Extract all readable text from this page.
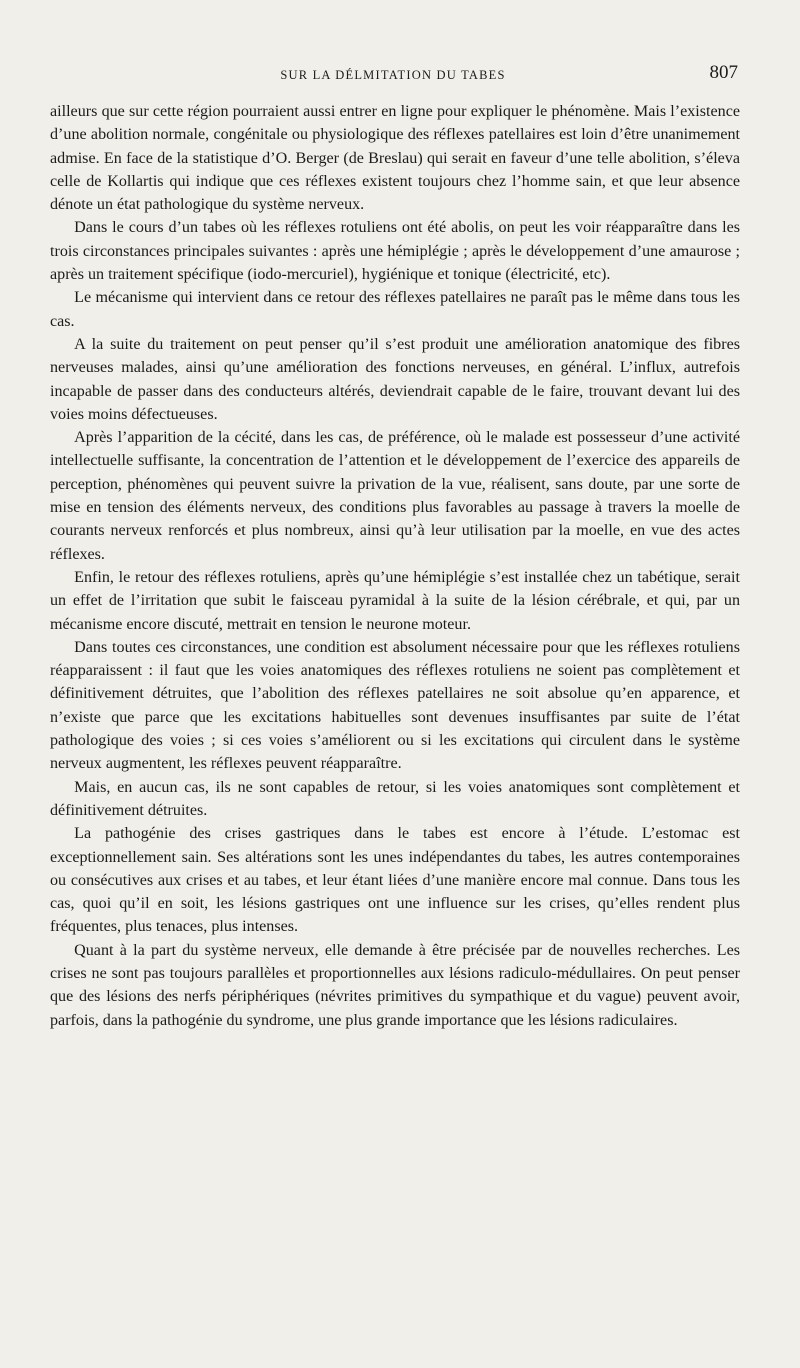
SUR LA DÉLMITATION DU TABES	807

ailleurs que sur cette région pourraient aussi entrer en ligne pour expliquer le phénomène. Mais l’existence d’une abolition normale, congénitale ou physiologique des réflexes patellaires est loin d’être unanimement admise. En face de la statistique d’O. Berger (de Breslau) qui serait en faveur d’une telle abolition, s’éleva celle de Kollartis qui indique que ces réflexes existent toujours chez l’homme sain, et que leur absence dénote un état pathologique du système nerveux.

Dans le cours d’un tabes où les réflexes rotuliens ont été abolis, on peut les voir réapparaître dans les trois circonstances principales suivantes : après une hémiplégie ; après le développement d’une amaurose ; après un traitement spécifique (iodo-mercuriel), hygiénique et tonique (électricité, etc).

Le mécanisme qui intervient dans ce retour des réflexes patellaires ne paraît pas le même dans tous les cas.

A la suite du traitement on peut penser qu’il s’est produit une amélioration anatomique des fibres nerveuses malades, ainsi qu’une amélioration des fonctions nerveuses, en général. L’influx, autrefois incapable de passer dans des conducteurs altérés, deviendrait capable de le faire, trouvant devant lui des voies moins défectueuses.

Après l’apparition de la cécité, dans les cas, de préférence, où le malade est possesseur d’une activité intellectuelle suffisante, la concentration de l’attention et le développement de l’exercice des appareils de perception, phénomènes qui peuvent suivre la privation de la vue, réalisent, sans doute, par une sorte de mise en tension des éléments nerveux, des conditions plus favorables au passage à travers la moelle de courants nerveux renforcés et plus nombreux, ainsi qu’à leur utilisation par la moelle, en vue des actes réflexes.

Enfin, le retour des réflexes rotuliens, après qu’une hémiplégie s’est installée chez un tabétique, serait un effet de l’irritation que subit le faisceau pyramidal à la suite de la lésion cérébrale, et qui, par un mécanisme encore discuté, mettrait en tension le neurone moteur.

Dans toutes ces circonstances, une condition est absolument nécessaire pour que les réflexes rotuliens réapparaissent : il faut que les voies anatomiques des réflexes rotuliens ne soient pas complètement et définitivement détruites, que l’abolition des réflexes patellaires ne soit absolue qu’en apparence, et n’existe que parce que les excitations habituelles sont devenues insuffisantes par suite de l’état pathologique des voies ; si ces voies s’améliorent ou si les excitations qui circulent dans le système nerveux augmentent, les réflexes peuvent réapparaître.

Mais, en aucun cas, ils ne sont capables de retour, si les voies anatomiques sont complètement et définitivement détruites.

La pathogénie des crises gastriques dans le tabes est encore à l’étude. L’estomac est exceptionnellement sain. Ses altérations sont les unes indépendantes du tabes, les autres contemporaines ou consécutives aux crises et au tabes, et leur étant liées d’une manière encore mal connue. Dans tous les cas, quoi qu’il en soit, les lésions gastriques ont une influence sur les crises, qu’elles rendent plus fréquentes, plus tenaces, plus intenses.

Quant à la part du système nerveux, elle demande à être précisée par de nouvelles recherches. Les crises ne sont pas toujours parallèles et proportionnelles aux lésions radiculo-médullaires. On peut penser que des lésions des nerfs périphériques (névrites primitives du sympathique et du vague) peuvent avoir, parfois, dans la pathogénie du syndrome, une plus grande importance que les lésions radiculaires.
